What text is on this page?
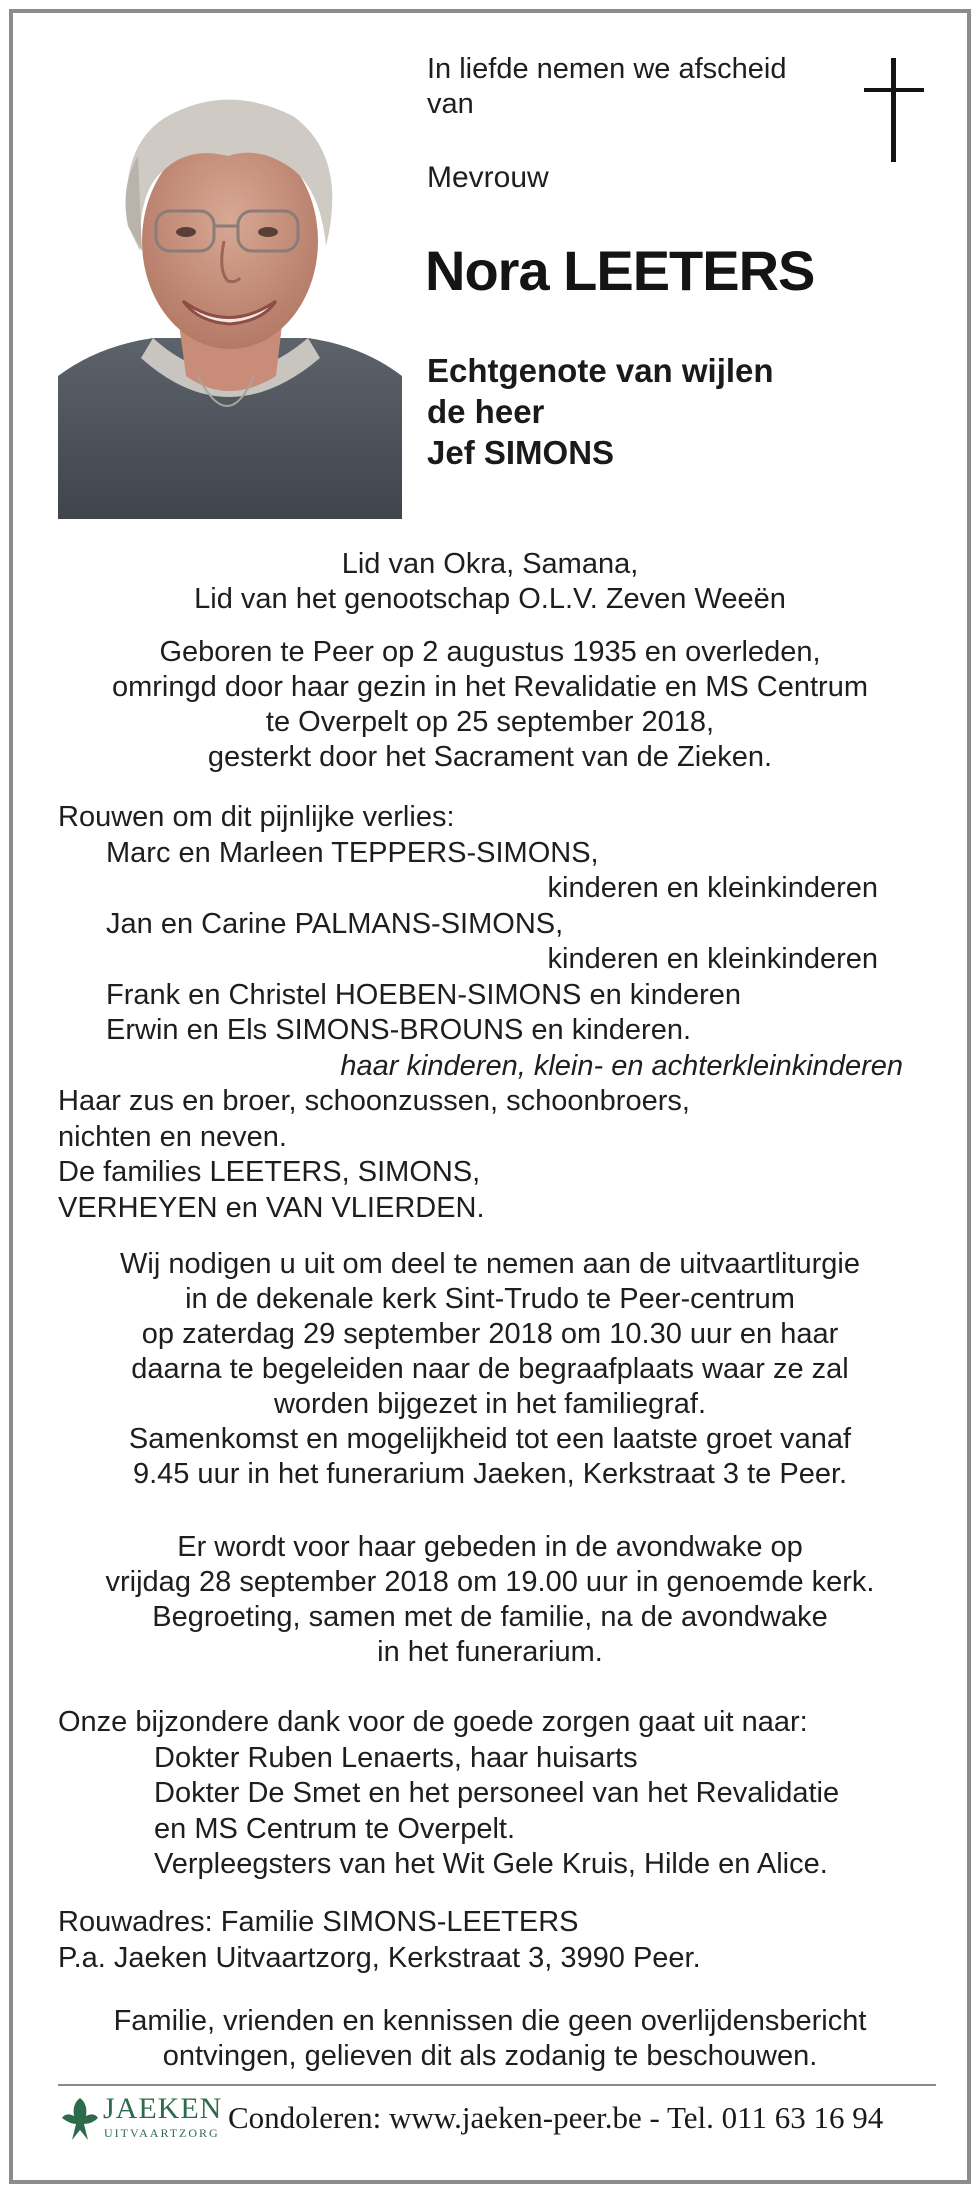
In liefde nemen we afscheid
van
Mevrouw
Nora LEETERS
Echtgenote van wijlen
de heer
Jef SIMONS
Lid van Okra, Samana,
Lid van het genootschap O.L.V. Zeven Weeën
Geboren te Peer op 2 augustus 1935 en overleden,
omringd door haar gezin in het Revalidatie en MS Centrum
te Overpelt op 25 september 2018,
gesterkt door het Sacrament van de Zieken.
Rouwen om dit pijnlijke verlies:
Marc en Marleen TEPPERS-SIMONS,
kinderen en kleinkinderen
Jan en Carine PALMANS-SIMONS,
kinderen en kleinkinderen
Frank en Christel HOEBEN-SIMONS en kinderen
Erwin en Els SIMONS-BROUNS en kinderen.
haar kinderen, klein- en achterkleinkinderen
Haar zus en broer, schoonzussen, schoonbroers,
nichten en neven.
De families LEETERS, SIMONS,
VERHEYEN en VAN VLIERDEN.
Wij nodigen u uit om deel te nemen aan de uitvaartliturgie
in de dekenale kerk Sint-Trudo te Peer-centrum
op zaterdag 29 september 2018 om 10.30 uur en haar
daarna te begeleiden naar de begraafplaats waar ze zal
worden bijgezet in het familiegraf.
Samenkomst en mogelijkheid tot een laatste groet vanaf
9.45 uur in het funerarium Jaeken, Kerkstraat 3 te Peer.
Er wordt voor haar gebeden in de avondwake op
vrijdag 28 september 2018 om 19.00 uur in genoemde kerk.
Begroeting, samen met de familie, na de avondwake
in het funerarium.
Onze bijzondere dank voor de goede zorgen gaat uit naar:
Dokter Ruben Lenaerts, haar huisarts
Dokter De Smet en het personeel van het Revalidatie
en MS Centrum te Overpelt.
Verpleegsters van het Wit Gele Kruis, Hilde en Alice.
Rouwadres: Familie SIMONS-LEETERS
P.a. Jaeken Uitvaartzorg, Kerkstraat 3, 3990 Peer.
Familie, vrienden en kennissen die geen overlijdensbericht
ontvingen, gelieven dit als zodanig te beschouwen.
JAEKEN
UITVAARTZORG Condoleren: www.jaeken-peer.be - Tel. 011 63 16 94
